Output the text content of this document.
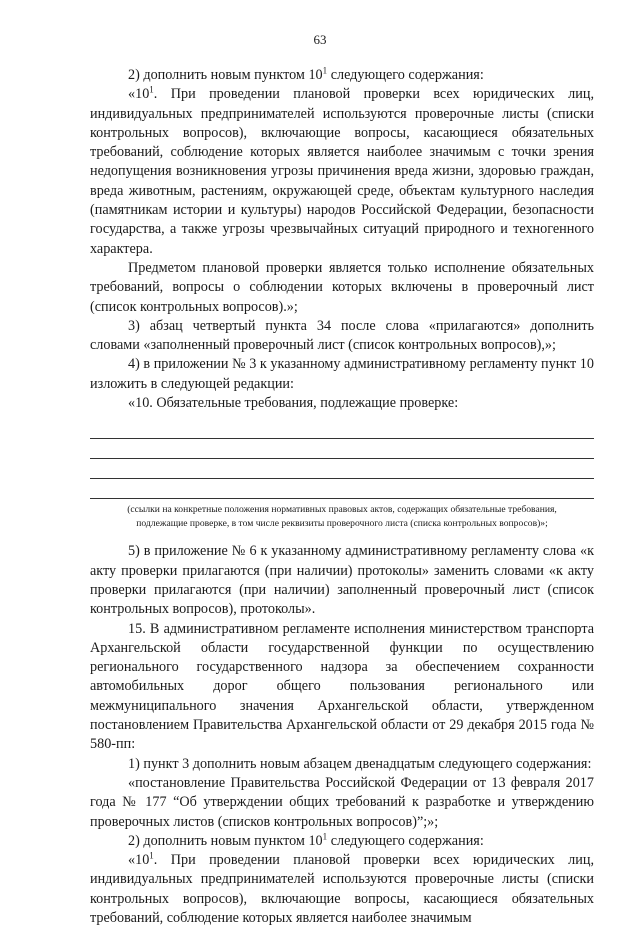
63

2) дополнить новым пунктом $10^1$ следующего содержания:

«$10^1$. При проведении плановой проверки всех юридических лиц, индивидуальных предпринимателей используются проверочные листы (списки контрольных вопросов), включающие вопросы, касающиеся обязательных требований, соблюдение которых является наиболее значимым с точки зрения недопущения возникновения угрозы причинения вреда жизни, здоровью граждан, вреда животным, растениям, окружающей среде, объектам культурного наследия (памятникам истории и культуры) народов Российской Федерации, безопасности государства, а также угрозы чрезвычайных ситуаций природного и техногенного характера.

Предметом плановой проверки является только исполнение обязательных требований, вопросы о соблюдении которых включены в проверочный лист (список контрольных вопросов).»;

3) абзац четвертый пункта 34 после слова «прилагаются» дополнить словами «заполненный проверочный лист (список контрольных вопросов),»;

4) в приложении № 3 к указанному административному регламенту пункт 10 изложить в следующей редакции:

«10. Обязательные требования, подлежащие проверке:

(ссылки на конкретные положения нормативных правовых актов, содержащих обязательные требования, подлежащие проверке, в том числе реквизиты проверочного листа (списка контрольных вопросов)»;

5) в приложение № 6 к указанному административному регламенту слова «к акту проверки прилагаются (при наличии) протоколы» заменить словами «к акту проверки прилагаются (при наличии) заполненный проверочный лист (список контрольных вопросов), протоколы».

15. В административном регламенте исполнения министерством транспорта Архангельской области государственной функции по осуществлению регионального государственного надзора за обеспечением сохранности автомобильных дорог общего пользования регионального или межмуниципального значения Архангельской области, утвержденном постановлением Правительства Архангельской области от 29 декабря 2015 года № 580-пп:

1) пункт 3 дополнить новым абзацем двенадцатым следующего содержания:

«постановление Правительства Российской Федерации от 13 февраля 2017 года № 177 “Об утверждении общих требований к разработке и утверждению проверочных листов (списков контрольных вопросов)”;»;

2) дополнить новым пунктом $10^1$ следующего содержания:

«$10^1$. При проведении плановой проверки всех юридических лиц, индивидуальных предпринимателей используются проверочные листы (списки контрольных вопросов), включающие вопросы, касающиеся обязательных требований, соблюдение которых является наиболее значимым
